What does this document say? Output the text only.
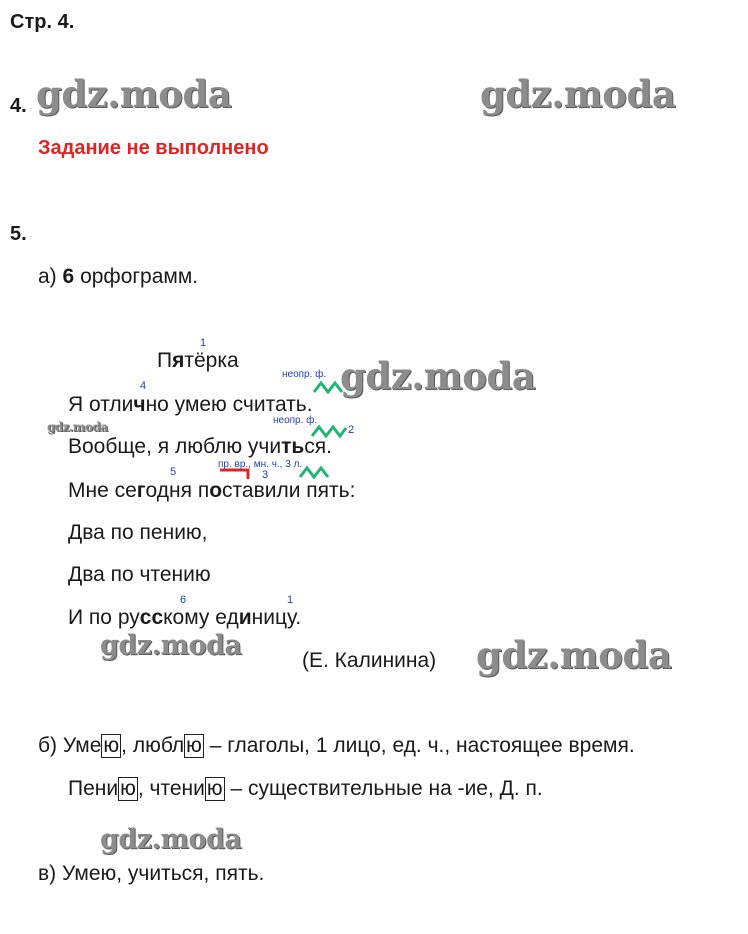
Стр. 4.
4. gdz.moda	gdz.moda
Задание не выполнено
5.
а) 6 орфограмм.
1
Пятёрка
неопр. ф. gdz.moda
4
Я отлично умею считать.
gdz.moda	неопр. ф.
2
Вообще, я люблю учиться.
пр. вр., мн. ч., 3 л.
5	3
Мне сегодня поставили пять:
Два по пению,
Два по чтению
6	1
И по русскому единицу.
gdz.moda	(Е. Калинина) gdz.moda
б) Умею, люблю – глаголы, 1 лицо, ед. ч., настоящее время.
Пению, чтению – существительные на -ие, Д. п.
gdz.moda
в) Умею, учиться, пять.
